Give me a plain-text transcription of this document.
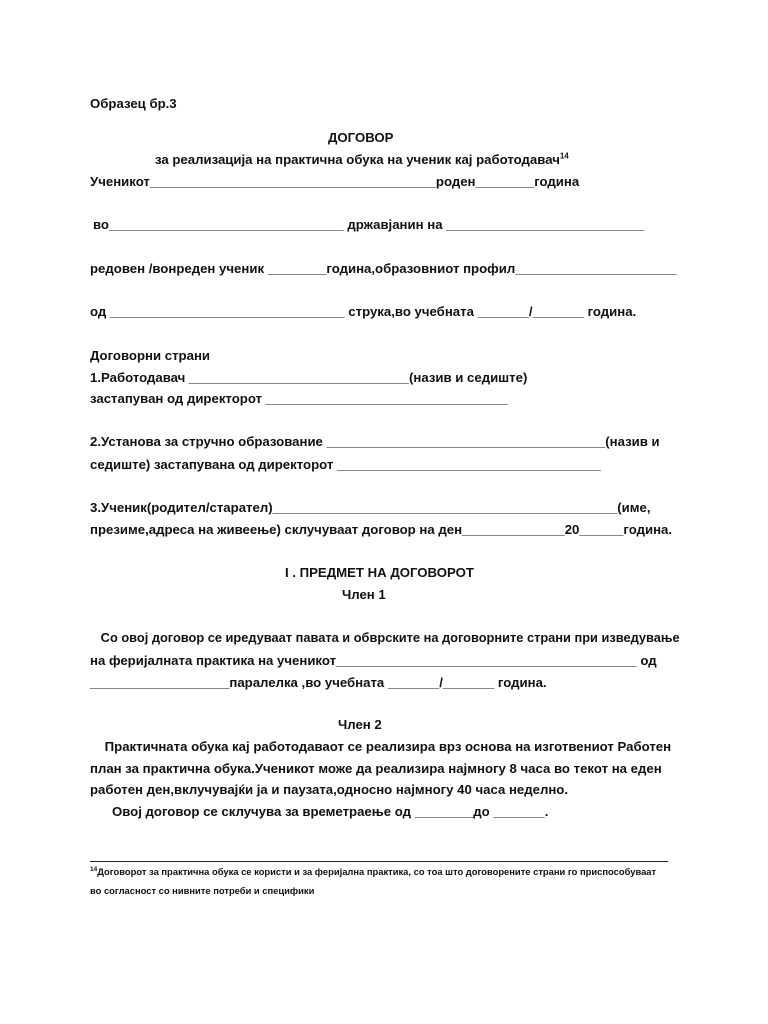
Образец бр.3
ДОГОВОР
за реализација на практична обука на ученик кај работодавач$^{14}$
Ученикот_______________________________________роден________година
во________________________________ државјанин на ___________________________
редовен /вонреден ученик ________година,образовниот профил______________________
од ________________________________ струка,во учебната _______/_______ година.
Договорни страни
1.Работодавач ______________________________(назив и седиште)
застапуван од директорот _________________________________
2.Установа за стручно образование ______________________________________(назив и
седиште) застапувана од директорот ____________________________________
3.Ученик(родител/старател)_______________________________________________(име,
презиме,адреса на живеење) склучуваат договор на ден______________20______година.
I . ПРЕДМЕТ НА ДОГОВОРОТ
Член 1
Со овој договор се иредуваат павата и обврските на договорните страни при изведување
на феријалната практика на ученикот_________________________________________ од
___________________паралелка ,во учебната _______/_______ година.
Член 2
Практичната обука кај работодаваот се реализира врз основа на изготвениот Работен
план за практична обука.Ученикот може да реализира најмногу 8 часа во текот на еден
работен ден,вклучувајќи ја и паузата,односно најмногу 40 часа неделно.
Овој договор се склучува за времетраење од ________до _______.
$^{14}$Договорот за практична обука се користи и за феријална практика, со тоа што договорените страни го приспособуваат
во согласност со нивните потреби и специфики
